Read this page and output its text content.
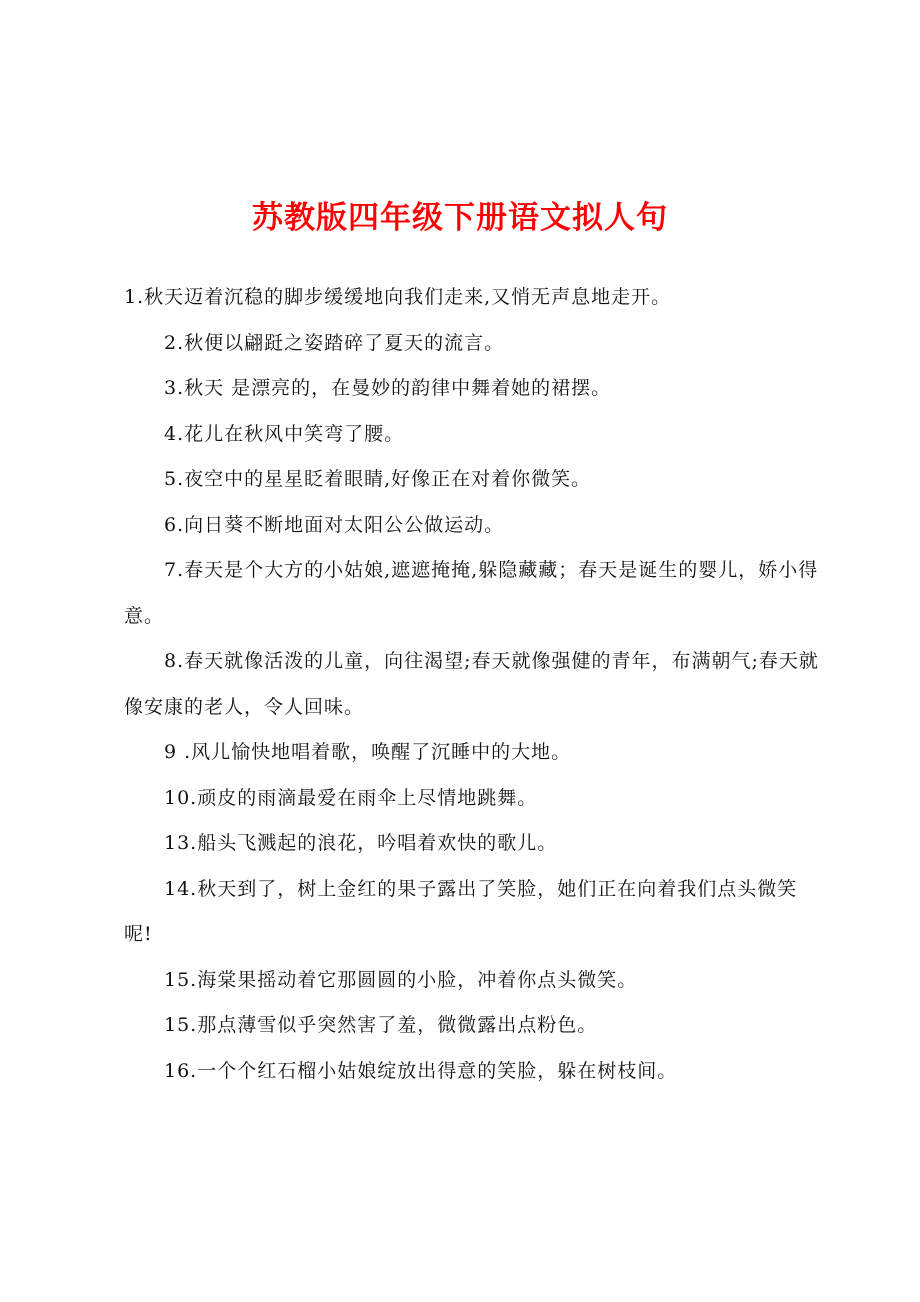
苏教版四年级下册语文拟人句

1.秋天迈着沉稳的脚步缓缓地向我们走来,又悄无声息地走开。

2.秋便以翩跹之姿踏碎了夏天的流言。

3.秋天 是漂亮的，在曼妙的韵律中舞着她的裙摆。

4.花儿在秋风中笑弯了腰。

5.夜空中的星星眨着眼睛,好像正在对着你微笑。

6.向日葵不断地面对太阳公公做运动。

7.春天是个大方的小姑娘,遮遮掩掩,躲隐藏藏；春天是诞生的婴儿，娇小得意。

8.春天就像活泼的儿童，向往渴望;春天就像强健的青年，布满朝气;春天就像安康的老人，令人回味。

9 .风儿愉快地唱着歌，唤醒了沉睡中的大地。

10.顽皮的雨滴最爱在雨伞上尽情地跳舞。

13.船头飞溅起的浪花，吟唱着欢快的歌儿。

14.秋天到了，树上金红的果子露出了笑脸，她们正在向着我们点头微笑呢!

15.海棠果摇动着它那圆圆的小脸，冲着你点头微笑。

15.那点薄雪似乎突然害了羞，微微露出点粉色。

16.一个个红石榴小姑娘绽放出得意的笑脸，躲在树枝间。
